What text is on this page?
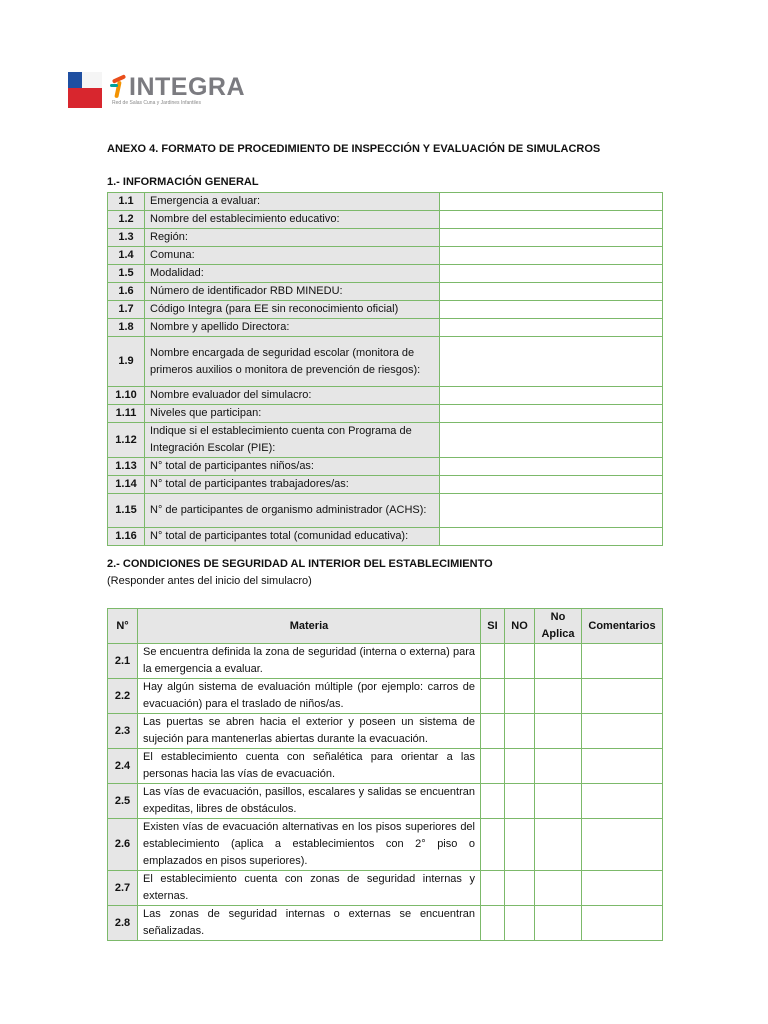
INTEGRA
Red de Salas Cuna y Jardines Infantiles
ANEXO 4. FORMATO DE PROCEDIMIENTO DE INSPECCIÓN Y EVALUACIÓN DE SIMULACROS
1.- INFORMACIÓN GENERAL
1.1	Emergencia a evaluar:	
1.2	Nombre del establecimiento educativo:	
1.3	Región:	
1.4	Comuna:	
1.5	Modalidad:	
1.6	Número de identificador RBD MINEDU:	
1.7	Código Integra (para EE sin reconocimiento oficial)	
1.8	Nombre y apellido Directora:	
1.9	Nombre encargada de seguridad escolar (monitora de primeros auxilios o monitora de prevención de riesgos):	
1.10	Nombre evaluador del simulacro:	
1.11	Niveles que participan:	
1.12	Indique si el establecimiento cuenta con Programa de Integración Escolar (PIE):	
1.13	N° total de participantes niños/as:	
1.14	N° total de participantes trabajadores/as:	
1.15	N° de participantes de organismo administrador (ACHS):	
1.16	N° total de participantes total (comunidad educativa):	
2.- CONDICIONES DE SEGURIDAD AL INTERIOR DEL ESTABLECIMIENTO
(Responder antes del inicio del simulacro)
N°	Materia	SI	NO	No Aplica	Comentarios
2.1	Se encuentra definida la zona de seguridad (interna o externa) para la emergencia a evaluar.				
2.2	Hay algún sistema de evaluación múltiple (por ejemplo: carros de evacuación) para el traslado de niños/as.				
2.3	Las puertas se abren hacia el exterior y poseen un sistema de sujeción para mantenerlas abiertas durante la evacuación.				
2.4	El establecimiento cuenta con señalética para orientar a las personas hacia las vías de evacuación.				
2.5	Las vías de evacuación, pasillos, escalares y salidas se encuentran expeditas, libres de obstáculos.				
2.6	Existen vías de evacuación alternativas en los pisos superiores del establecimiento (aplica a establecimientos con 2° piso o emplazados en pisos superiores).				
2.7	El establecimiento cuenta con zonas de seguridad internas y externas.				
2.8	Las zonas de seguridad internas o externas se encuentran señalizadas.				
